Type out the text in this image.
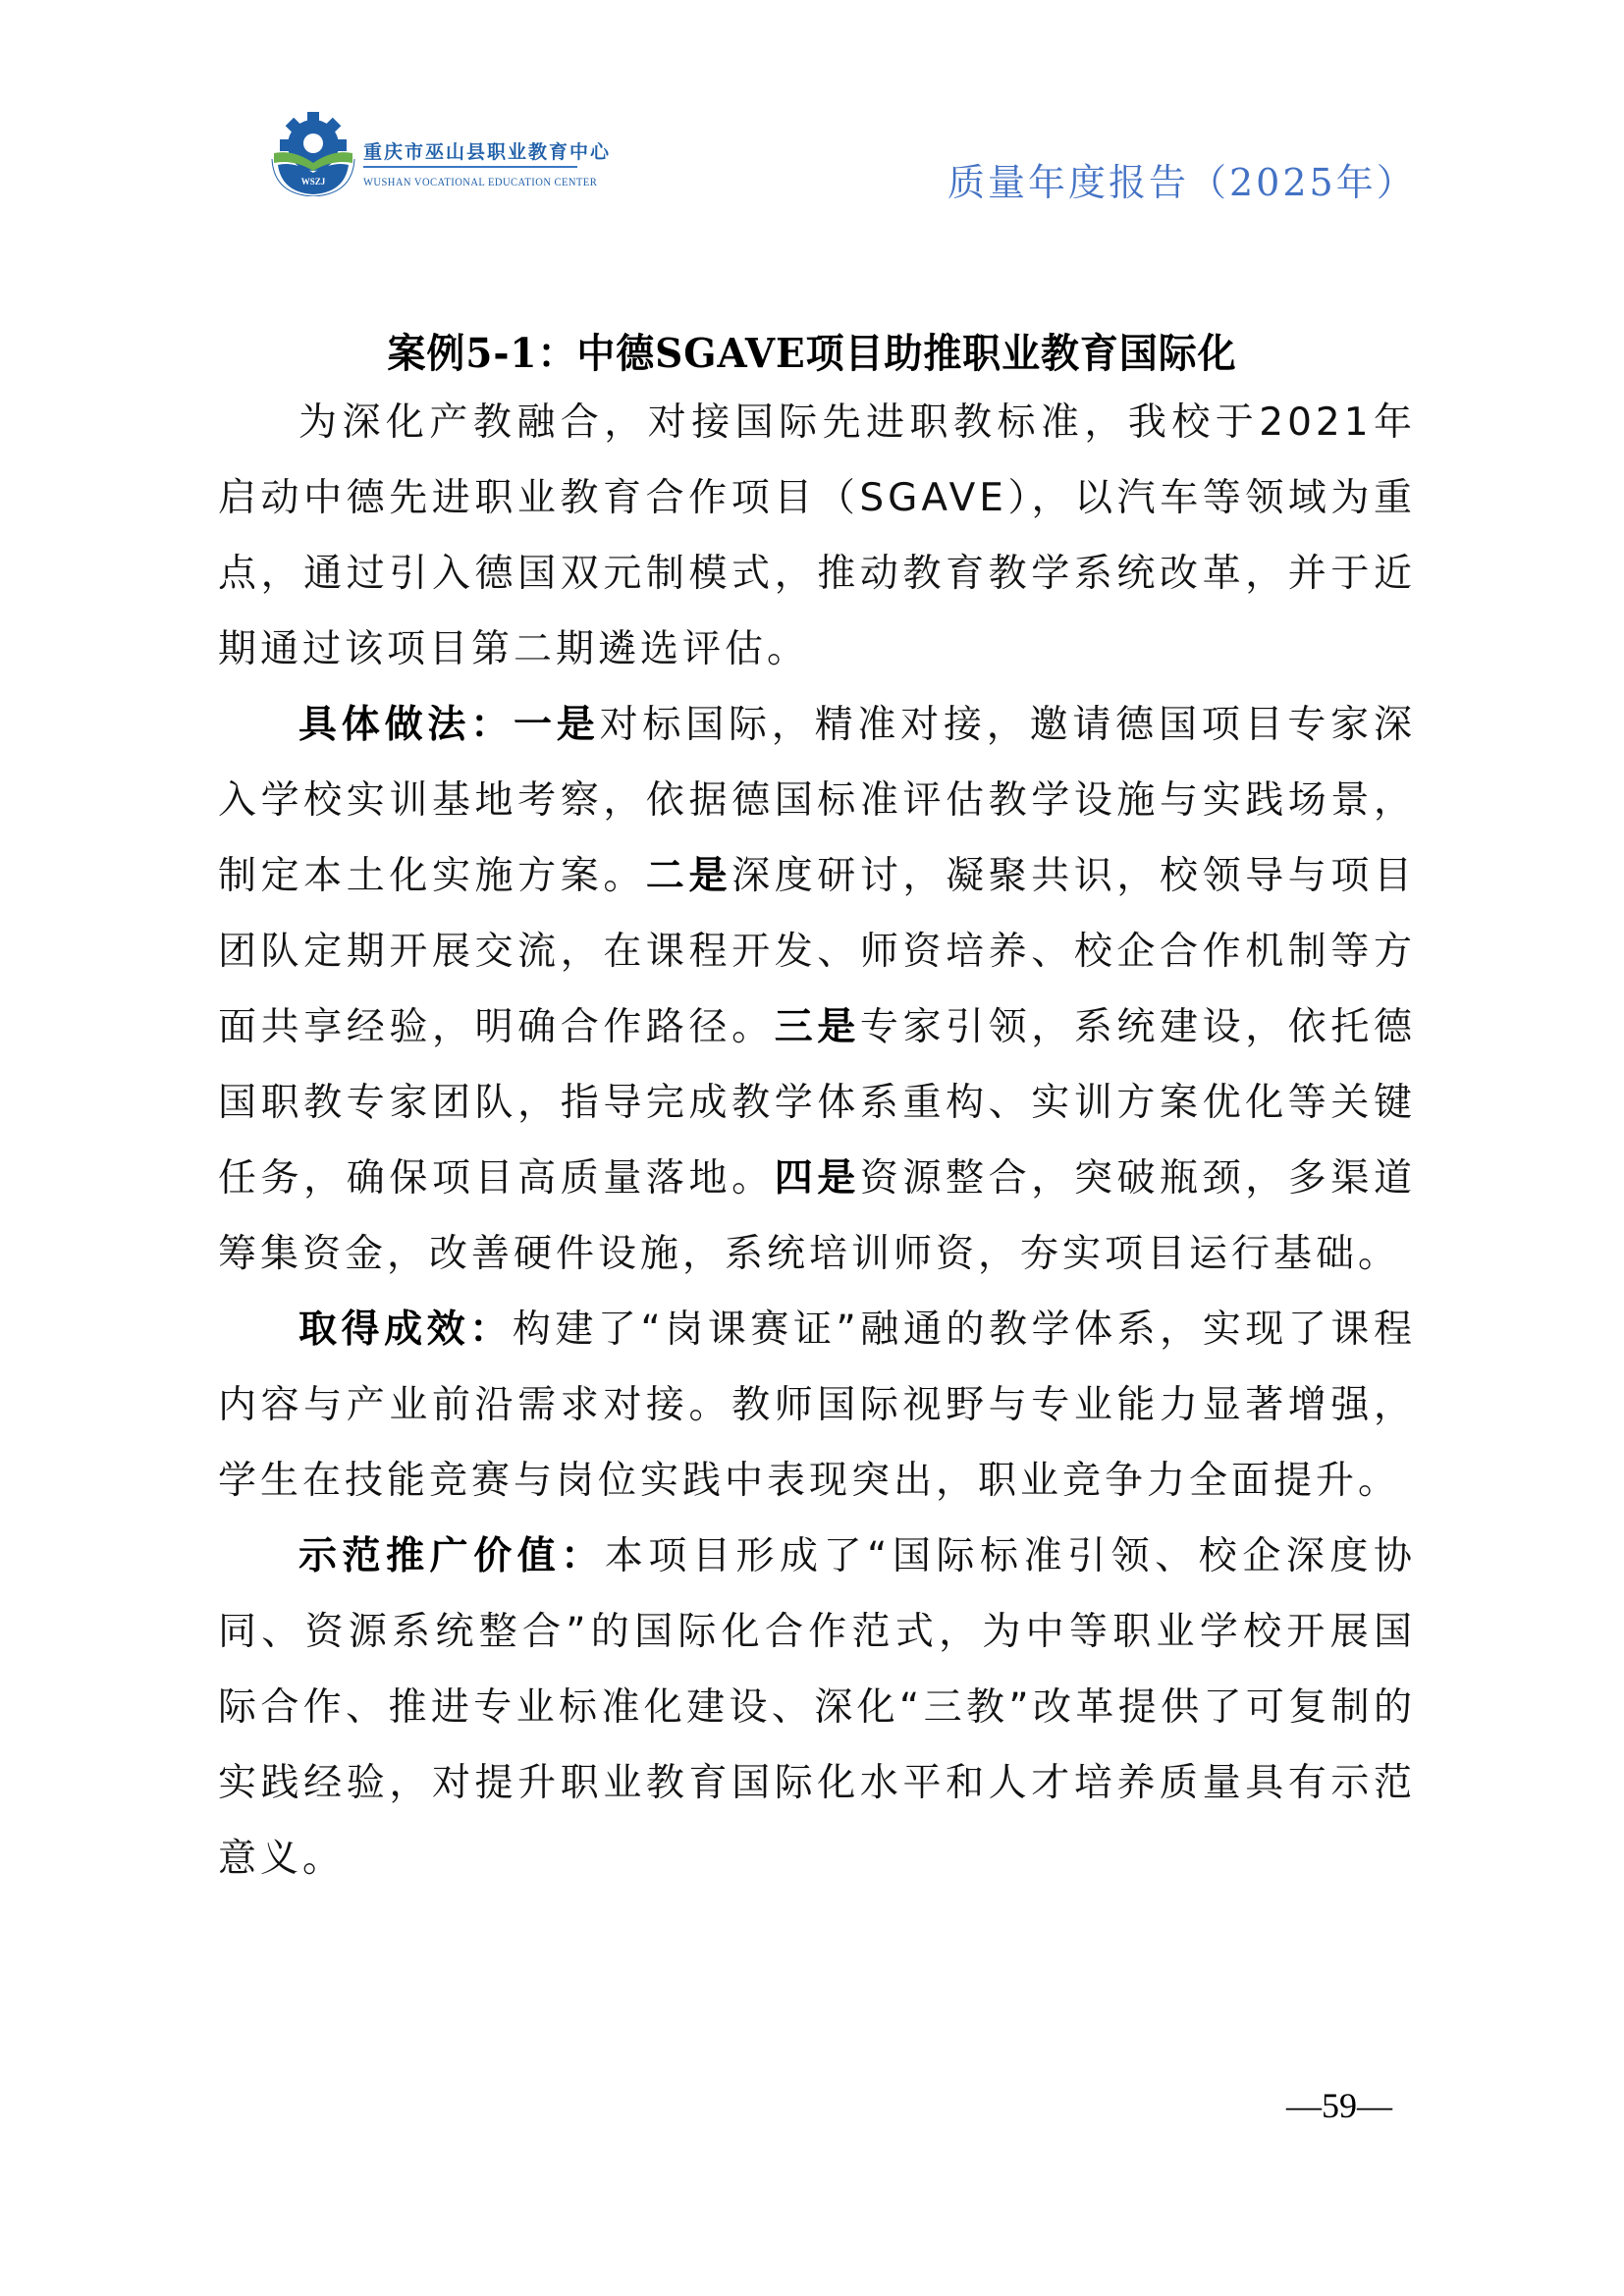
WSZJ
重庆市巫山县职业教育中心
WUSHAN VOCATIONAL EDUCATION CENTER	质量年度报告（2025年）
案例5-1：中德SGAVE项目助推职业教育国际化

为深化产教融合，对接国际先进职教标准，我校于2021年启动中德先进职业教育合作项目（SGAVE），以汽车等领域为重点，通过引入德国双元制模式，推动教育教学系统改革，并于近期通过该项目第二期遴选评估。

具体做法：一是对标国际，精准对接，邀请德国项目专家深入学校实训基地考察，依据德国标准评估教学设施与实践场景，制定本土化实施方案。二是深度研讨，凝聚共识，校领导与项目团队定期开展交流，在课程开发、师资培养、校企合作机制等方面共享经验，明确合作路径。三是专家引领，系统建设，依托德国职教专家团队，指导完成教学体系重构、实训方案优化等关键任务，确保项目高质量落地。四是资源整合，突破瓶颈，多渠道筹集资金，改善硬件设施，系统培训师资，夯实项目运行基础。

取得成效：构建了“岗课赛证”融通的教学体系，实现了课程内容与产业前沿需求对接。教师国际视野与专业能力显著增强，学生在技能竞赛与岗位实践中表现突出，职业竞争力全面提升。

示范推广价值：本项目形成了“国际标准引领、校企深度协同、资源系统整合”的国际化合作范式，为中等职业学校开展国际合作、推进专业标准化建设、深化“三教”改革提供了可复制的实践经验，对提升职业教育国际化水平和人才培养质量具有示范意义。

—59—
